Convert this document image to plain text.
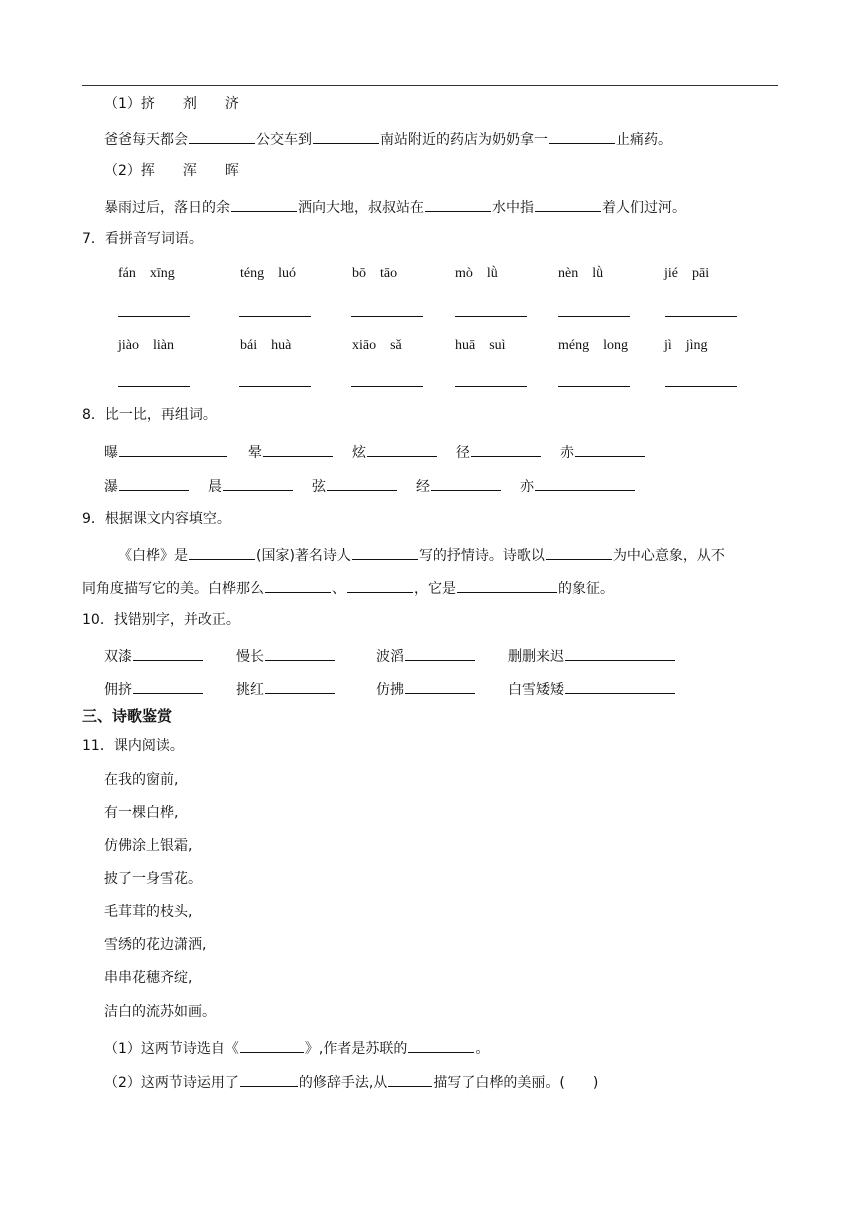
（1）挤　　剂　　济
爸爸每天都会	公交车到	南站附近的药店为奶奶拿一	止痛药。
（2）挥　　浑　　晖
暴雨过后，落日的余	洒向大地，叔叔站在	水中指	着人们过河。
7．看拼音写词语。
fán　xīng	téng　luó	bō　tāo	mò　lǜ	nèn　lǜ	jié　pāi
jiào　liàn	bái　huà	xiāo　sǎ	huā　suì	méng　long	jì　jìng
8．比一比，再组词。
曝	晕	炫	径	赤
瀑	晨	弦	经	亦
9．根据课文内容填空。
《白桦》是	(国家)著名诗人	写的抒情诗。诗歌以	为中心意象，从不
同角度描写它的美。白桦那么	、	，它是	的象征。
10．找错别字，并改正。
双漆	慢长	波滔	删删来迟
佣挤	挑红	仿拂	白雪矮矮
三、诗歌鉴赏
11．课内阅读。
在我的窗前,
有一棵白桦,
仿佛涂上银霜,
披了一身雪花。
毛茸茸的枝头,
雪绣的花边潇洒,
串串花穗齐绽,
洁白的流苏如画。
（1）这两节诗选自《	》,作者是苏联的	。
（2）这两节诗运用了	的修辞手法,从	描写了白桦的美丽。(　　)
